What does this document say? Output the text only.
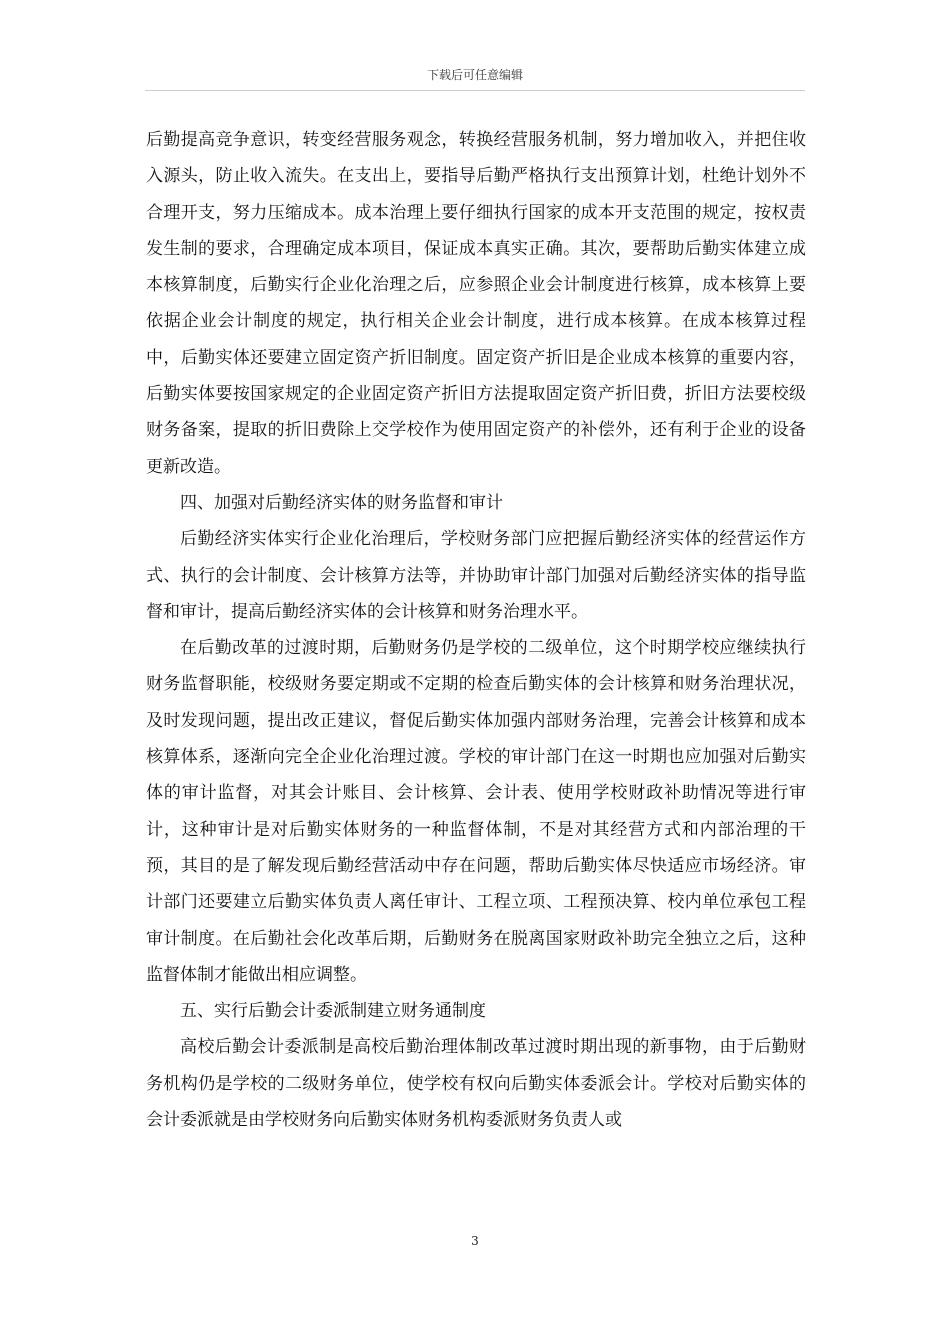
下载后可任意编辑

后勤提高竞争意识，转变经营服务观念，转换经营服务机制，努力增加收入，并把住收入源头，防止收入流失。在支出上，要指导后勤严格执行支出预算计划，杜绝计划外不合理开支，努力压缩成本。成本治理上要仔细执行国家的成本开支范围的规定，按权责发生制的要求，合理确定成本项目，保证成本真实正确。其次，要帮助后勤实体建立成本核算制度，后勤实行企业化治理之后，应参照企业会计制度进行核算，成本核算上要依据企业会计制度的规定，执行相关企业会计制度，进行成本核算。在成本核算过程中，后勤实体还要建立固定资产折旧制度。固定资产折旧是企业成本核算的重要内容，后勤实体要按国家规定的企业固定资产折旧方法提取固定资产折旧费，折旧方法要校级财务备案，提取的折旧费除上交学校作为使用固定资产的补偿外，还有利于企业的设备更新改造。

四、加强对后勤经济实体的财务监督和审计

后勤经济实体实行企业化治理后，学校财务部门应把握后勤经济实体的经营运作方式、执行的会计制度、会计核算方法等，并协助审计部门加强对后勤经济实体的指导监督和审计，提高后勤经济实体的会计核算和财务治理水平。

在后勤改革的过渡时期，后勤财务仍是学校的二级单位，这个时期学校应继续执行财务监督职能，校级财务要定期或不定期的检查后勤实体的会计核算和财务治理状况，及时发现问题，提出改正建议，督促后勤实体加强内部财务治理，完善会计核算和成本核算体系，逐渐向完全企业化治理过渡。学校的审计部门在这一时期也应加强对后勤实体的审计监督，对其会计账目、会计核算、会计表、使用学校财政补助情况等进行审计，这种审计是对后勤实体财务的一种监督体制，不是对其经营方式和内部治理的干预，其目的是了解发现后勤经营活动中存在问题，帮助后勤实体尽快适应市场经济。审计部门还要建立后勤实体负责人离任审计、工程立项、工程预决算、校内单位承包工程审计制度。在后勤社会化改革后期，后勤财务在脱离国家财政补助完全独立之后，这种监督体制才能做出相应调整。

五、实行后勤会计委派制建立财务通制度

高校后勤会计委派制是高校后勤治理体制改革过渡时期出现的新事物，由于后勤财务机构仍是学校的二级财务单位，使学校有权向后勤实体委派会计。学校对后勤实体的会计委派就是由学校财务向后勤实体财务机构委派财务负责人或

3
